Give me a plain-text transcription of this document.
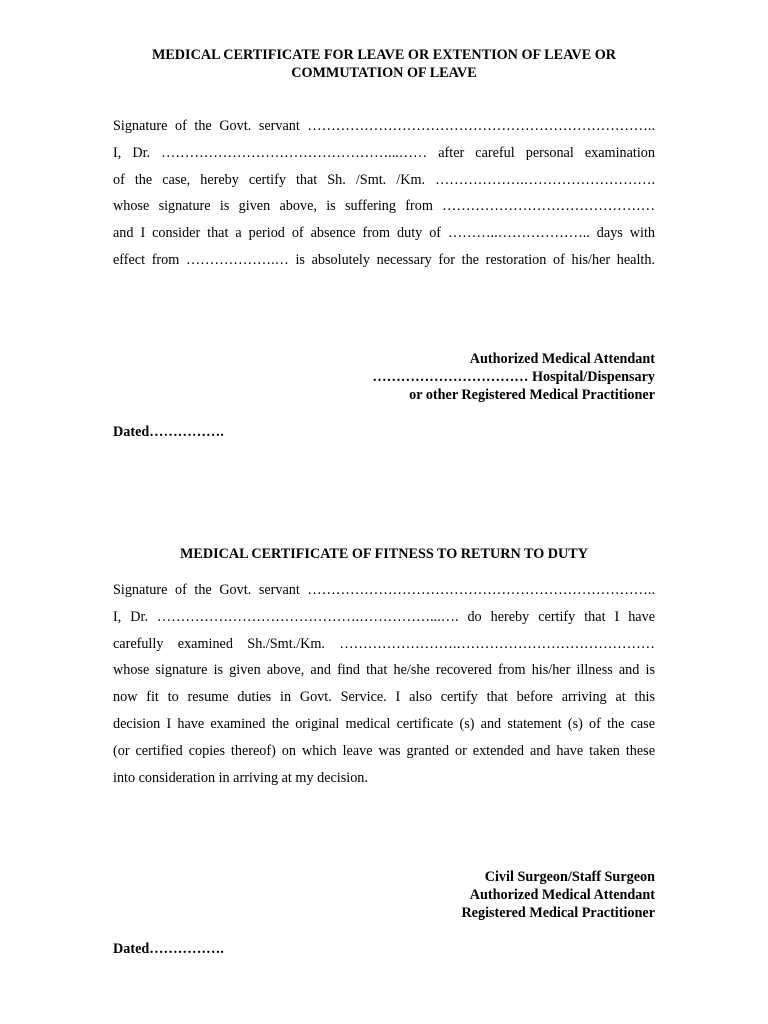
MEDICAL CERTIFICATE FOR LEAVE OR EXTENTION OF LEAVE OR
COMMUTATION OF LEAVE
Signature of the Govt. servant ………………………………………………………………..
I, Dr. …………………………………………...…… after careful personal examination
of the case, hereby certify that Sh. /Smt. /Km. ……………….……………………….
whose signature is given above, is suffering from ………………………………………
and I consider that a period of absence from duty of ………..……………….. days with
effect from ……………….… is absolutely necessary for the restoration of his/her health.
Authorized Medical Attendant
…………………………… Hospital/Dispensary
or other Registered Medical Practitioner
Dated…………….
MEDICAL CERTIFICATE OF FITNESS TO RETURN TO DUTY
Signature of the Govt. servant ………………………………………………………………..
I, Dr. …………………………………….……………...…. do hereby certify that I have
carefully examined Sh./Smt./Km. …………………….……………………………………
whose signature is given above, and find that he/she recovered from his/her illness and is
now fit to resume duties in Govt. Service. I also certify that before arriving at this
decision I have examined the original medical certificate (s) and statement (s) of the case
(or certified copies thereof) on which leave was granted or extended and have taken these
into consideration in arriving at my decision.
Civil Surgeon/Staff Surgeon
Authorized Medical Attendant
Registered Medical Practitioner
Dated…………….
